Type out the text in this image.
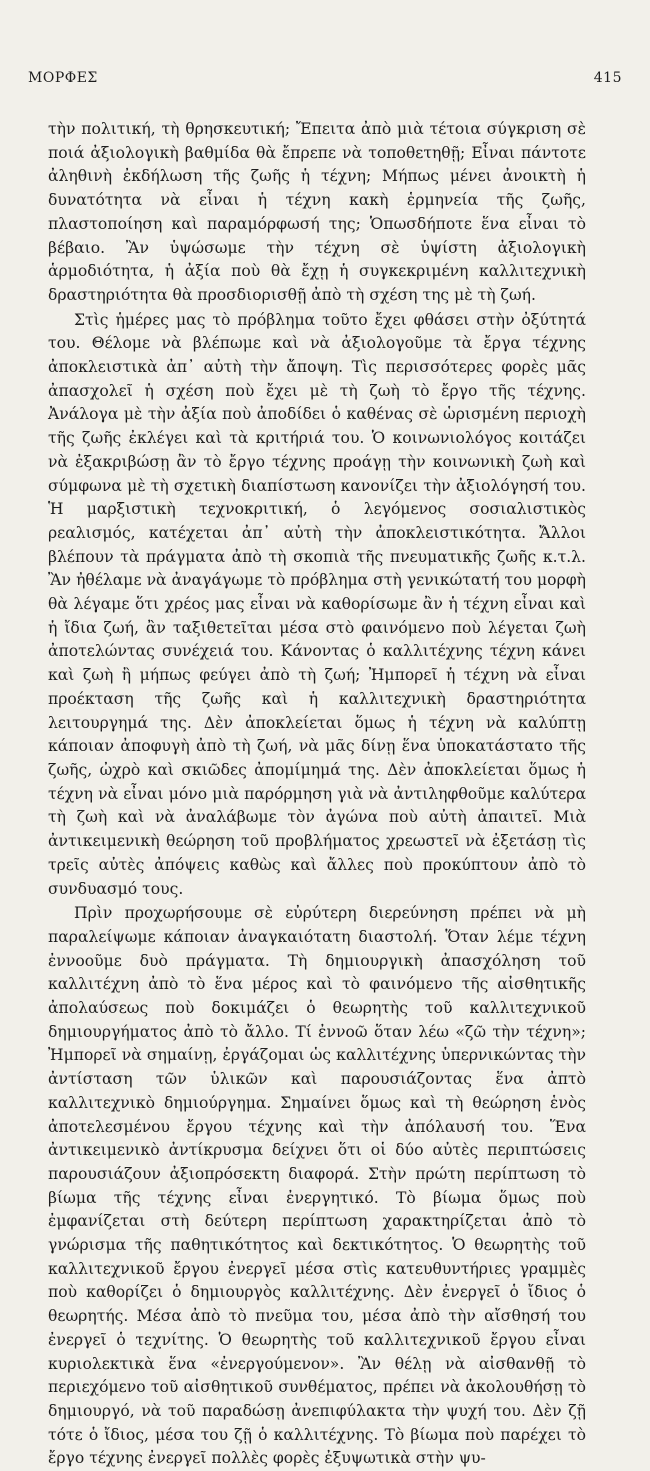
ΜΟΡΦΕΣ	415

τὴν πολιτική, τὴ θρησκευτική; Ἔπειτα ἀπὸ μιὰ τέτοια σύγκριση σὲ ποιά ἀξιολογικὴ βαθμίδα θὰ ἔπρεπε νὰ τοποθετηθῇ; Εἶναι πάντοτε ἀληθινὴ ἐκδήλωση τῆς ζωῆς ἡ τέχνη; Μήπως μένει ἀνοικτὴ ἡ δυνατότητα νὰ εἶναι ἡ τέχνη κακὴ ἑρμηνεία τῆς ζωῆς, πλαστοποίηση καὶ παραμόρφωσή της; Ὁπωσδήποτε ἕνα εἶναι τὸ βέβαιο. Ἂν ὑψώσωμε τὴν τέχνη σὲ ὑψίστη ἀξιολογικὴ ἁρμοδιότητα, ἡ ἀξία ποὺ θὰ ἔχῃ ἡ συγκεκριμένη καλλιτεχνικὴ δραστηριότητα θὰ προσδιορισθῇ ἀπὸ τὴ σχέση της μὲ τὴ ζωή.

Στὶς ἡμέρες μας τὸ πρόβλημα τοῦτο ἔχει φθάσει στὴν ὀξύτητά του. Θέλομε νὰ βλέπωμε καὶ νὰ ἀξιολογοῦμε τὰ ἔργα τέχνης ἀποκλειστικὰ ἀπ᾿ αὐτὴ τὴν ἄποψη. Τὶς περισσότερες φορὲς μᾶς ἀπασχολεῖ ἡ σχέση ποὺ ἔχει μὲ τὴ ζωὴ τὸ ἔργο τῆς τέχνης. Ἀνάλογα μὲ τὴν ἀξία ποὺ ἀποδίδει ὁ καθένας σὲ ὡρισμένη περιοχὴ τῆς ζωῆς ἐκλέγει καὶ τὰ κριτήριά του. Ὁ κοινωνιολόγος κοιτάζει νὰ ἐξακριβώσῃ ἂν τὸ ἔργο τέχνης προάγῃ τὴν κοινωνικὴ ζωὴ καὶ σύμφωνα μὲ τὴ σχετικὴ διαπίστωση κανονίζει τὴν ἀξιολόγησή του. Ἡ μαρξιστικὴ τεχνοκριτική, ὁ λεγόμενος σοσιαλιστικὸς ρεαλισμός, κατέχεται ἀπ᾿ αὐτὴ τὴν ἀποκλειστικότητα. Ἄλλοι βλέπουν τὰ πράγματα ἀπὸ τὴ σκοπιὰ τῆς πνευματικῆς ζωῆς κ.τ.λ. Ἂν ἠθέλαμε νὰ ἀναγάγωμε τὸ πρόβλημα στὴ γενικώτατή του μορφὴ θὰ λέγαμε ὅτι χρέος μας εἶναι νὰ καθορίσωμε ἂν ἡ τέχνη εἶναι καὶ ἡ ἴδια ζωή, ἂν ταξιθετεῖται μέσα στὸ φαινόμενο ποὺ λέγεται ζωὴ ἀποτελώντας συνέχειά του. Κάνοντας ὁ καλλιτέχνης τέχνη κάνει καὶ ζωὴ ἢ μήπως φεύγει ἀπὸ τὴ ζωή; Ἠμπορεῖ ἡ τέχνη νὰ εἶναι προέκταση τῆς ζωῆς καὶ ἡ καλλιτεχνικὴ δραστηριότητα λειτουργημά της. Δὲν ἀποκλείεται ὅμως ἡ τέχνη νὰ καλύπτῃ κάποιαν ἀποφυγὴ ἀπὸ τὴ ζωή, νὰ μᾶς δίνῃ ἕνα ὑποκατάστατο τῆς ζωῆς, ὠχρὸ καὶ σκιῶδες ἀπομίμημά της. Δὲν ἀποκλείεται ὅμως ἡ τέχνη νὰ εἶναι μόνο μιὰ παρόρμηση γιὰ νὰ ἀντιληφθοῦμε καλύτερα τὴ ζωὴ καὶ νὰ ἀναλάβωμε τὸν ἀγώνα ποὺ αὐτὴ ἀπαιτεῖ. Μιὰ ἀντικειμενικὴ θεώρηση τοῦ προβλήματος χρεωστεῖ νὰ ἐξετάσῃ τὶς τρεῖς αὐτὲς ἀπόψεις καθὼς καὶ ἄλλες ποὺ προκύπτουν ἀπὸ τὸ συνδυασμό τους.

Πρὶν προχωρήσουμε σὲ εὐρύτερη διερεύνηση πρέπει νὰ μὴ παραλείψωμε κάποιαν ἀναγκαιότατη διαστολή. Ὅταν λέμε τέχνη ἐννοοῦμε δυὸ πράγματα. Τὴ δημιουργικὴ ἀπασχόληση τοῦ καλλιτέχνη ἀπὸ τὸ ἕνα μέρος καὶ τὸ φαινόμενο τῆς αἰσθητικῆς ἀπολαύσεως ποὺ δοκιμάζει ὁ θεωρητὴς τοῦ καλλιτεχνικοῦ δημιουργήματος ἀπὸ τὸ ἄλλο. Τί ἐννοῶ ὅταν λέω «ζῶ τὴν τέχνη»; Ἠμπορεῖ νὰ σημαίνῃ, ἐργάζομαι ὡς καλλιτέχνης ὑπερνικώντας τὴν ἀντίσταση τῶν ὑλικῶν καὶ παρουσιάζοντας ἕνα ἀπτὸ καλλιτεχνικὸ δημιούργημα. Σημαίνει ὅμως καὶ τὴ θεώρηση ἑνὸς ἀποτελεσμένου ἔργου τέχνης καὶ τὴν ἀπόλαυσή του. Ἕνα ἀντικειμενικὸ ἀντίκρυσμα δείχνει ὅτι οἱ δύο αὐτὲς περιπτώσεις παρουσιάζουν ἀξιοπρόσεκτη διαφορά. Στὴν πρώτη περίπτωση τὸ βίωμα τῆς τέχνης εἶναι ἐνεργητικό. Τὸ βίωμα ὅμως ποὺ ἐμφανίζεται στὴ δεύτερη περίπτωση χαρακτηρίζεται ἀπὸ τὸ γνώρισμα τῆς παθητικότητος καὶ δεκτικότητος. Ὁ θεωρητὴς τοῦ καλλιτεχνικοῦ ἔργου ἐνεργεῖ μέσα στὶς κατευθυντήριες γραμμὲς ποὺ καθορίζει ὁ δημιουργὸς καλλιτέχνης. Δὲν ἐνεργεῖ ὁ ἴδιος ὁ θεωρητής. Μέσα ἀπὸ τὸ πνεῦμα του, μέσα ἀπὸ τὴν αἴσθησή του ἐνεργεῖ ὁ τεχνίτης. Ὁ θεωρητὴς τοῦ καλλιτεχνικοῦ ἔργου εἶναι κυριολεκτικὰ ἕνα «ἐνεργούμενον». Ἂν θέλῃ νὰ αἰσθανθῇ τὸ περιεχόμενο τοῦ αἰσθητικοῦ συνθέματος, πρέπει νὰ ἀκολουθήσῃ τὸ δημιουργό, νὰ τοῦ παραδώσῃ ἀνεπιφύλακτα τὴν ψυχή του. Δὲν ζῇ τότε ὁ ἴδιος, μέσα του ζῇ ὁ καλλιτέχνης. Τὸ βίωμα ποὺ παρέχει τὸ ἔργο τέχνης ἐνεργεῖ πολλὲς φορὲς ἐξυψωτικὰ στὴν ψυ-
